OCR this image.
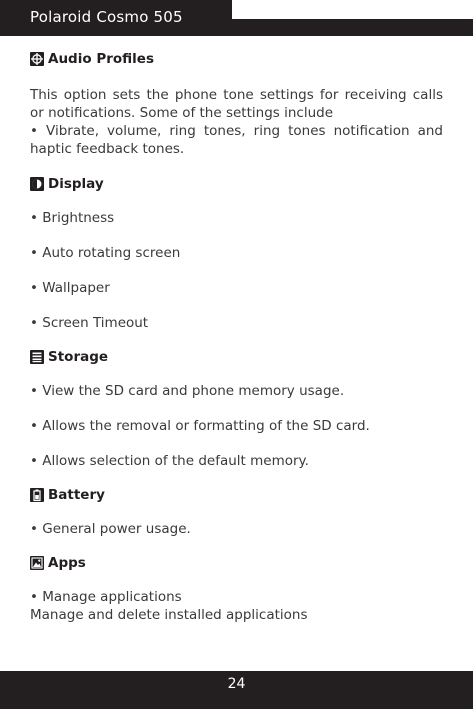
Polaroid Cosmo 505
Audio Profiles
This option sets the phone tone settings for receiving calls or notifications. Some of the settings include
• Vibrate, volume, ring tones, ring tones notification and haptic feedback tones.
Display
• Brightness
• Auto rotating screen
• Wallpaper
• Screen Timeout
Storage
• View the SD card and phone memory usage.
• Allows the removal or formatting of the SD card.
• Allows selection of the default memory.
Battery
• General power usage.
Apps
• Manage applications
Manage and delete installed applications
24
